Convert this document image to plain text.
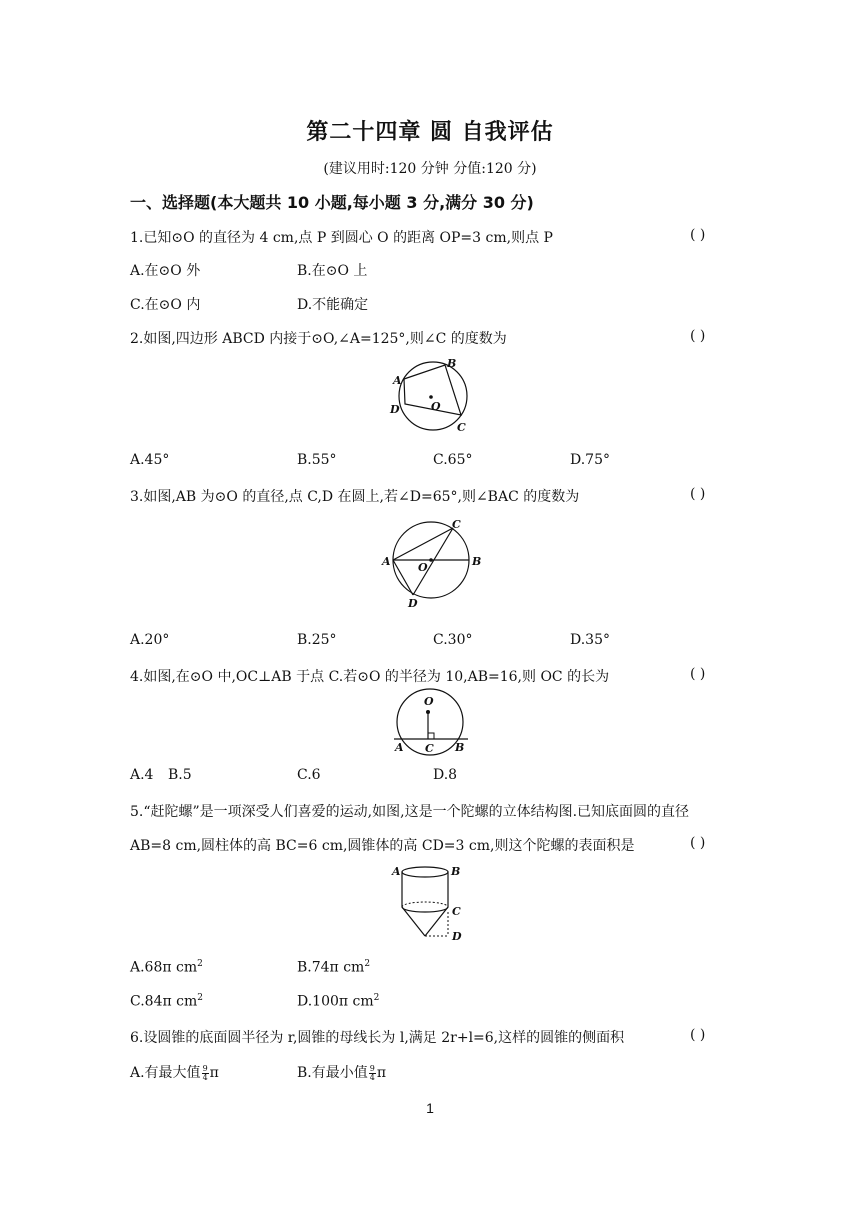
第二十四章 圆 自我评估
(建议用时:120 分钟 分值:120 分)
一、选择题(本大题共 10 小题,每小题 3 分,满分 30 分)
1.已知⊙O 的直径为 4 cm,点 P 到圆心 O 的距离 OP=3 cm,则点 P	( )
A.在⊙O 外	B.在⊙O 上
C.在⊙O 内	D.不能确定
2.如图,四边形 ABCD 内接于⊙O,∠A=125°,则∠C 的度数为	( )
A
B
C
D	O
A.45°	B.55°	C.65°	D.75°
3.如图,AB 为⊙O 的直径,点 C,D 在圆上,若∠D=65°,则∠BAC 的度数为	( )
A	B
C
D
O
A.20°	B.25°	C.30°	D.35°
4.如图,在⊙O 中,OC⊥AB 于点 C.若⊙O 的半径为 10,AB=16,则 OC 的长为	( )
O
A C B
A.4 B.5	C.6	D.8
5.“赶陀螺”是一项深受人们喜爱的运动,如图,这是一个陀螺的立体结构图.已知底面圆的直径
AB=8 cm,圆柱体的高 BC=6 cm,圆锥体的高 CD=3 cm,则这个陀螺的表面积是	( )
A	B
C
D
A.68π $cm^2$	B.74π $cm^2$
C.84π $cm^2$	D.100π $cm^2$
6.设圆锥的底面圆半径为 r,圆锥的母线长为 l,满足 2r+l=6,这样的圆锥的侧面积	( )
A.有最大值 $\frac{9}{4}$ π	B.有最小值 $\frac{9}{4}$ π
1
